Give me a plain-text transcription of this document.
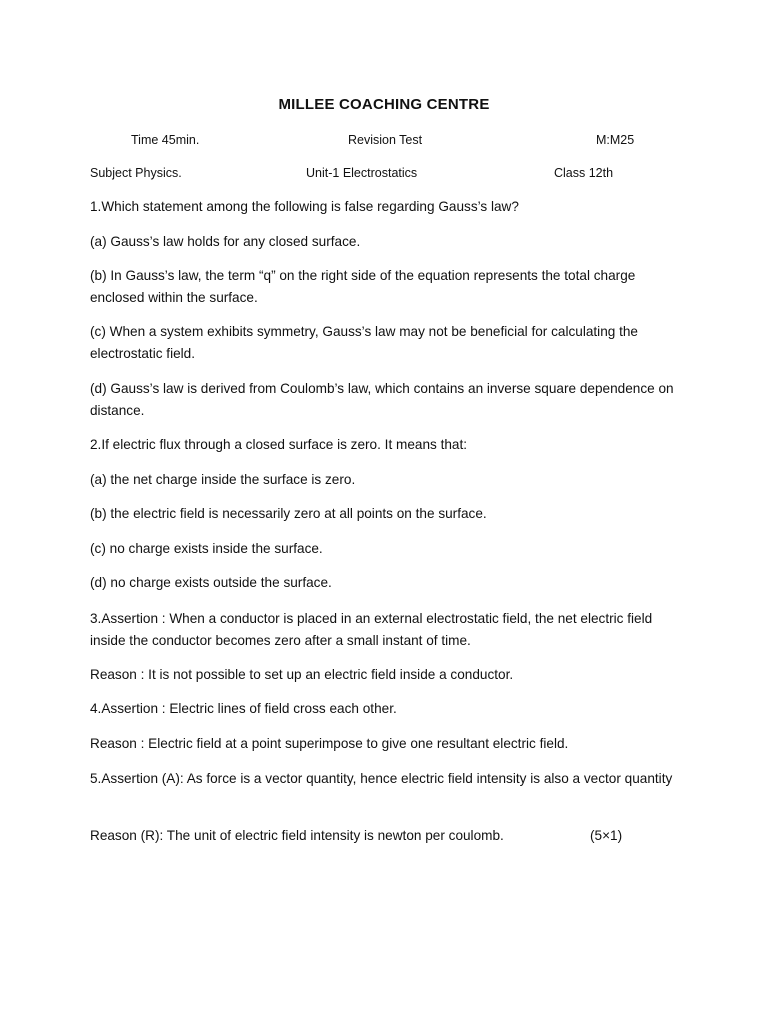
MILLEE COACHING CENTRE
Time 45min.	Revision Test	M:M25
Subject Physics.	Unit-1 Electrostatics	Class 12th
1.Which statement among the following is false regarding Gauss’s law?
(a) Gauss’s law holds for any closed surface.
(b) In Gauss’s law, the term “q” on the right side of the equation represents the total charge enclosed within the surface.
(c) When a system exhibits symmetry, Gauss’s law may not be beneficial for calculating the electrostatic field.
(d) Gauss’s law is derived from Coulomb’s law, which contains an inverse square dependence on distance.
2.If electric flux through a closed surface is zero. It means that:
(a) the net charge inside the surface is zero.
(b) the electric field is necessarily zero at all points on the surface.
(c) no charge exists inside the surface.
(d) no charge exists outside the surface.
3.Assertion : When a conductor is placed in an external electrostatic field, the net electric field inside the conductor becomes zero after a small instant of time.
Reason : It is not possible to set up an electric field inside a conductor.
4.Assertion : Electric lines of field cross each other.
Reason : Electric field at a point superimpose to give one resultant electric field.
5.Assertion (A): As force is a vector quantity, hence electric field intensity is also a vector quantity
Reason (R): The unit of electric field intensity is newton per coulomb.	(5×1)
